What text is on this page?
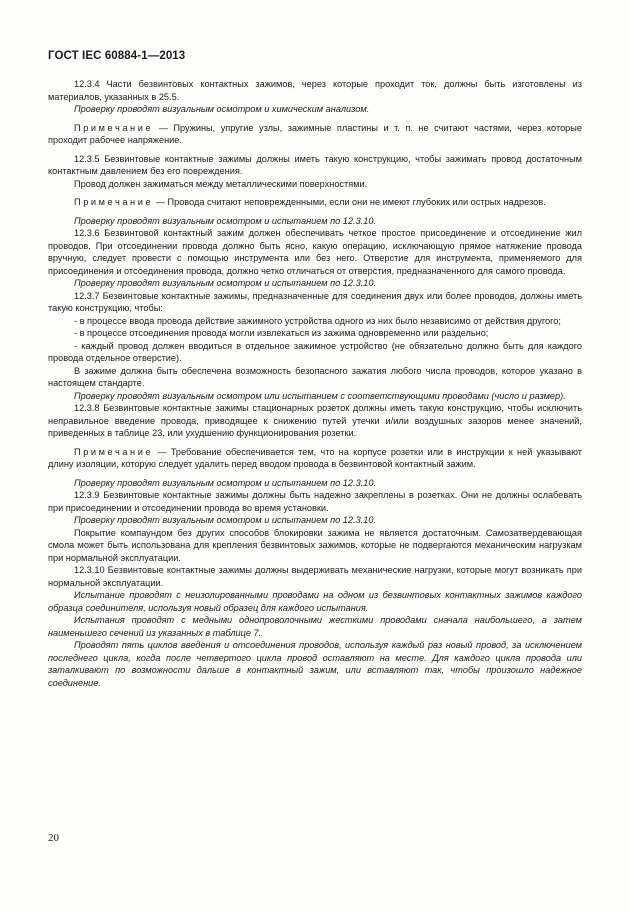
ГОСТ IEC 60884-1—2013

12.3.4 Части безвинтовых контактных зажимов, через которые проходит ток, должны быть изготовлены из материалов, указанных в 25.5.

Проверку проводят визуальным осмотром и химическим анализом.

Примечание — Пружины, упругие узлы, зажимные пластины и т. п. не считают частями, через которые проходит рабочее напряжение.

12.3.5 Безвинтовые контактные зажимы должны иметь такую конструкцию, чтобы зажимать провод достаточным контактным давлением без его повреждения.

Провод должен зажиматься между металлическими поверхностями.

Примечание — Провода считают неповрежденными, если они не имеют глубоких или острых надрезов.

Проверку проводят визуальным осмотром и испытанием по 12.3.10.

12.3.6 Безвинтовой контактный зажим должен обеспечивать четкое простое присоединение и отсоединение жил проводов. При отсоединении провода должно быть ясно, какую операцию, исключающую прямое натяжение провода вручную, следует провести с помощью инструмента или без него. Отверстие для инструмента, применяемого для присоединения и отсоединения провода, должно четко отличаться от отверстия, предназначенного для самого провода.

Проверку проводят визуальным осмотром и испытанием по 12.3.10.

12.3.7 Безвинтовые контактные зажимы, предназначенные для соединения двух или более проводов, должны иметь такую конструкцию, чтобы:

- в процессе ввода провода действие зажимного устройства одного из них было независимо от действия другого;

- в процессе отсоединения провода могли извлекаться из зажима одновременно или раздельно;

- каждый провод должен вводиться в отдельное зажимное устройство (не обязательно должно быть для каждого провода отдельное отверстие).

В зажиме должна быть обеспечена возможность безопасного зажатия любого числа проводов, которое указано в настоящем стандарте.

Проверку проводят визуальным осмотром или испытанием с соответствующими проводами (число и размер).

12.3.8 Безвинтовые контактные зажимы стационарных розеток должны иметь такую конструкцию, чтобы исключить неправильное введение провода, приводящее к снижению путей утечки и/или воздушных зазоров менее значений, приведенных в таблице 23, или ухудшению функционирования розетки.

Примечание — Требование обеспечивается тем, что на корпусе розетки или в инструкции к ней указывают длину изоляции, которую следует удалить перед вводом провода в безвинтовой контактный зажим.

Проверку проводят визуальным осмотром и испытанием по 12.3.10.

12.3.9 Безвинтовые контактные зажимы должны быть надежно закреплены в розетках. Они не должны ослабевать при присоединении и отсоединении провода во время установки.

Проверку проводят визуальным осмотром и испытанием по 12.3.10.

Покрытие компаундом без других способов блокировки зажима не является достаточным. Самозатвердевающая смола может быть использована для крепления безвинтовых зажимов, которые не подвергаются механическим нагрузкам при нормальной эксплуатации.

12.3.10 Безвинтовые контактные зажимы должны выдерживать механические нагрузки, которые могут возникать при нормальной эксплуатации.

Испытание проводят с неизолированными проводами на одном из безвинтовых контактных зажимов каждого образца соединителя, используя новый образец для каждого испытания.

Испытания проводят с медными однопроволочными жесткими проводами сначала наибольшего, а затем наименьшего сечений из указанных в таблице 7.

Проводят пять циклов введения и отсоединения проводов, используя каждый раз новый провод, за исключением последнего цикла, когда после четвертого цикла провод оставляют на месте. Для каждого цикла провода или заталкивают по возможности дальше в контактный зажим, или вставляют так, чтобы произошло надежное соединение.

20
